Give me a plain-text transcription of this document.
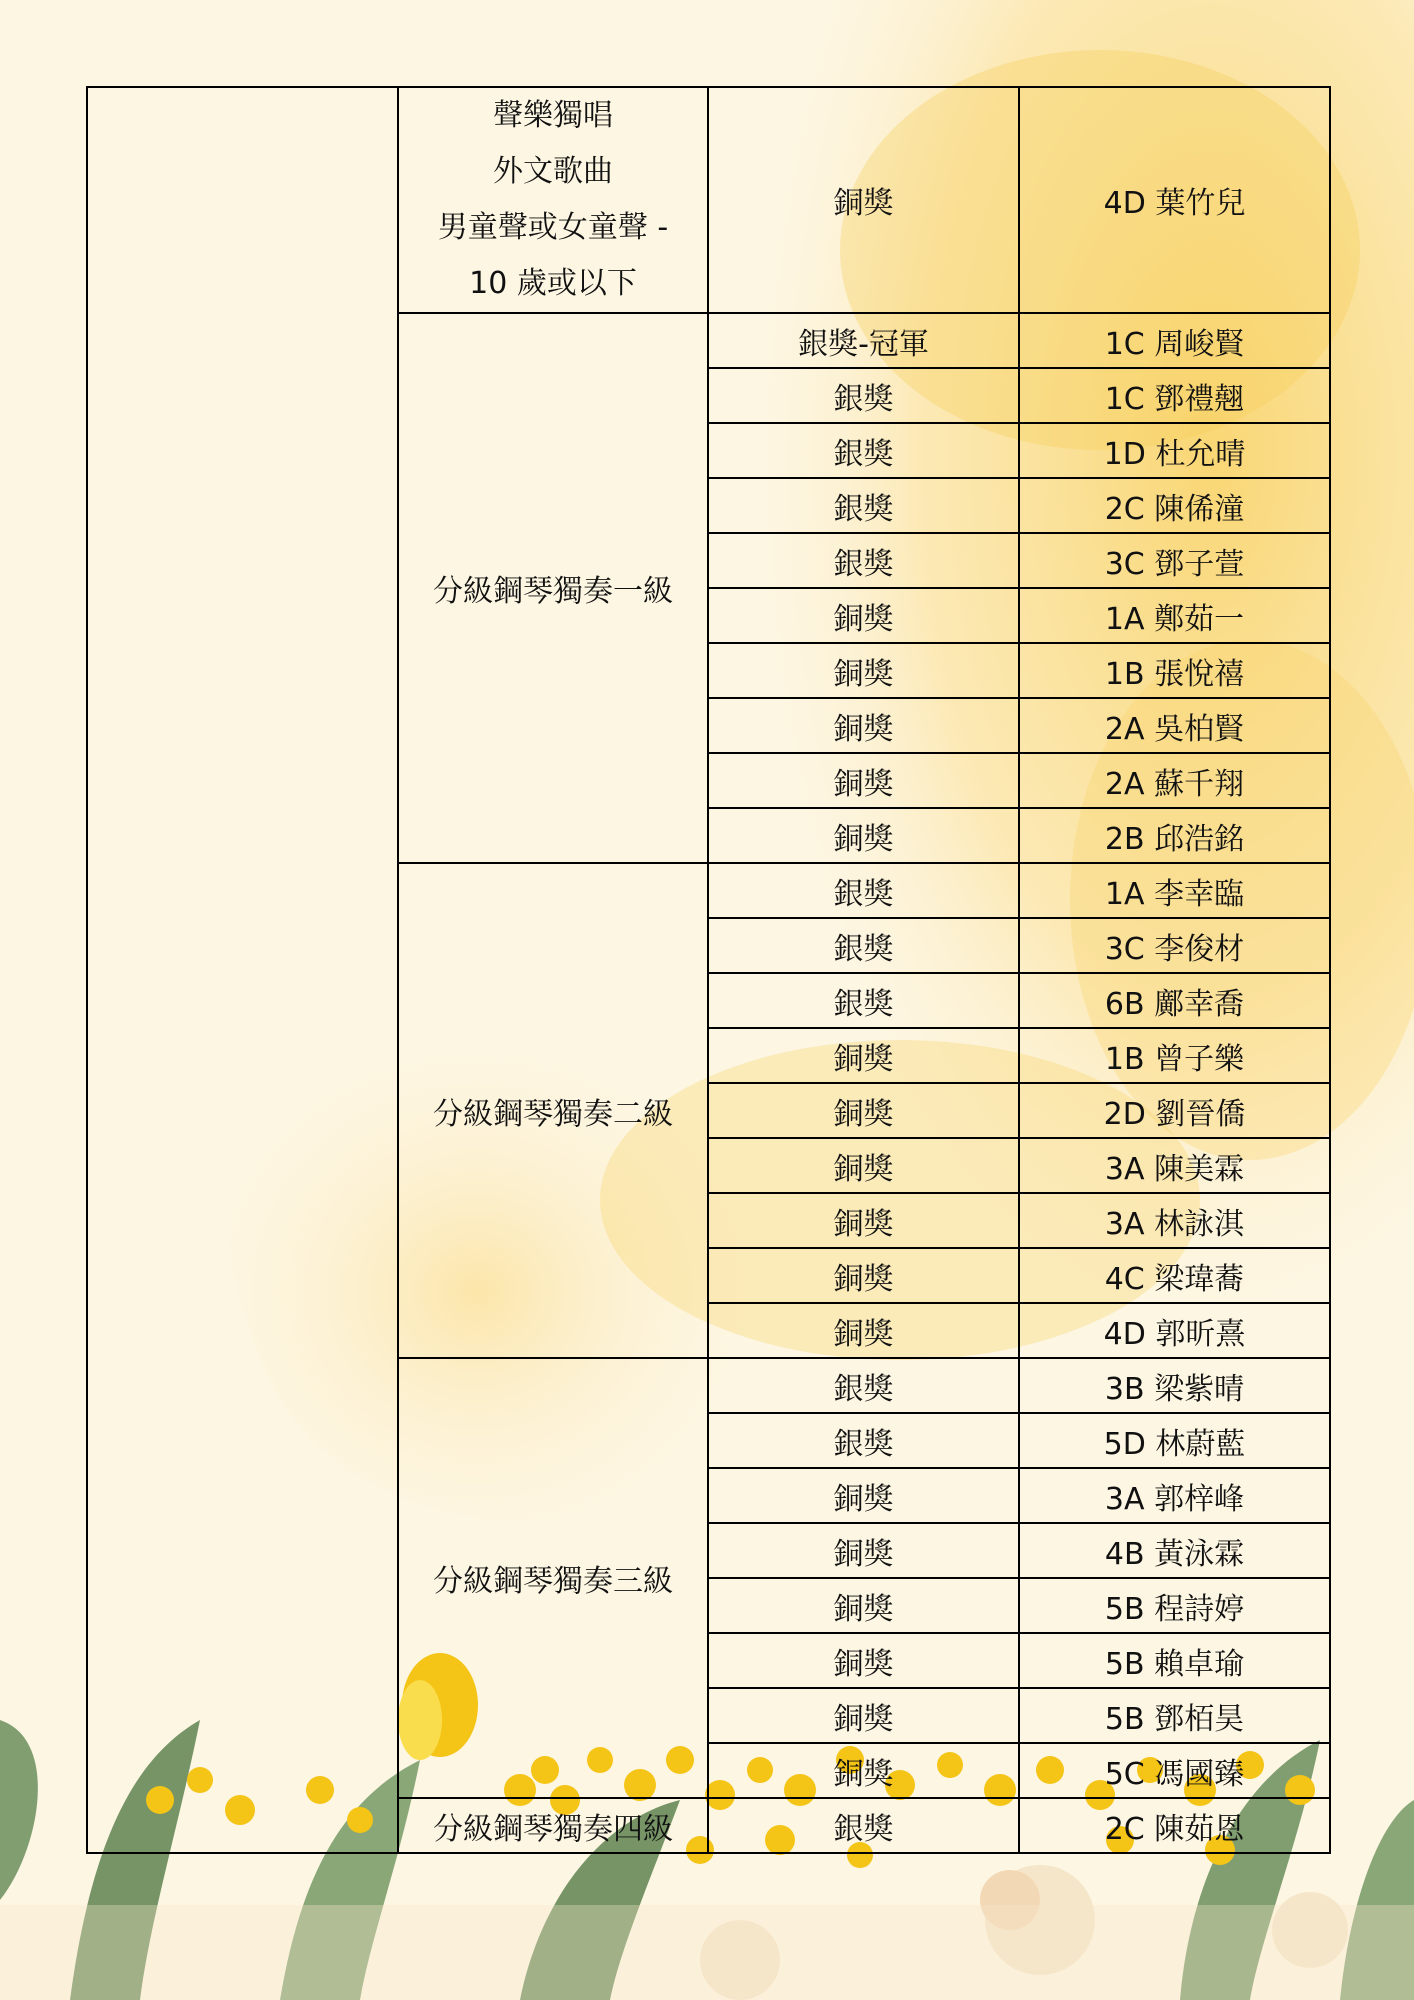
	聲樂獨唱
外文歌曲
男童聲或女童聲 -
10 歲或以下	銅獎	4D 葉竹兒
	分級鋼琴獨奏一級	銀獎-冠軍	1C 周峻賢
		銀獎	1C 鄧禮翹
		銀獎	1D 杜允晴
		銀獎	2C 陳俙潼
		銀獎	3C 鄧子萱
		銅獎	1A 鄭茹一
		銅獎	1B 張悅禧
		銅獎	2A 吳柏賢
		銅獎	2A 蘇千翔
		銅獎	2B 邱浩銘
	分級鋼琴獨奏二級	銀獎	1A 李幸臨
		銀獎	3C 李俊材
		銀獎	6B 鄺幸喬
		銅獎	1B 曾子樂
		銅獎	2D 劉晉僑
		銅獎	3A 陳美霖
		銅獎	3A 林詠淇
		銅獎	4C 梁瑋蕎
		銅獎	4D 郭昕熹
	分級鋼琴獨奏三級	銀獎	3B 梁紫晴
		銀獎	5D 林蔚藍
		銅獎	3A 郭梓峰
		銅獎	4B 黃泳霖
		銅獎	5B 程詩婷
		銅獎	5B 賴卓瑜
		銅獎	5B 鄧栢昊
		銅獎	5C 馮國臻
	分級鋼琴獨奏四級	銀獎	2C 陳茹恩
